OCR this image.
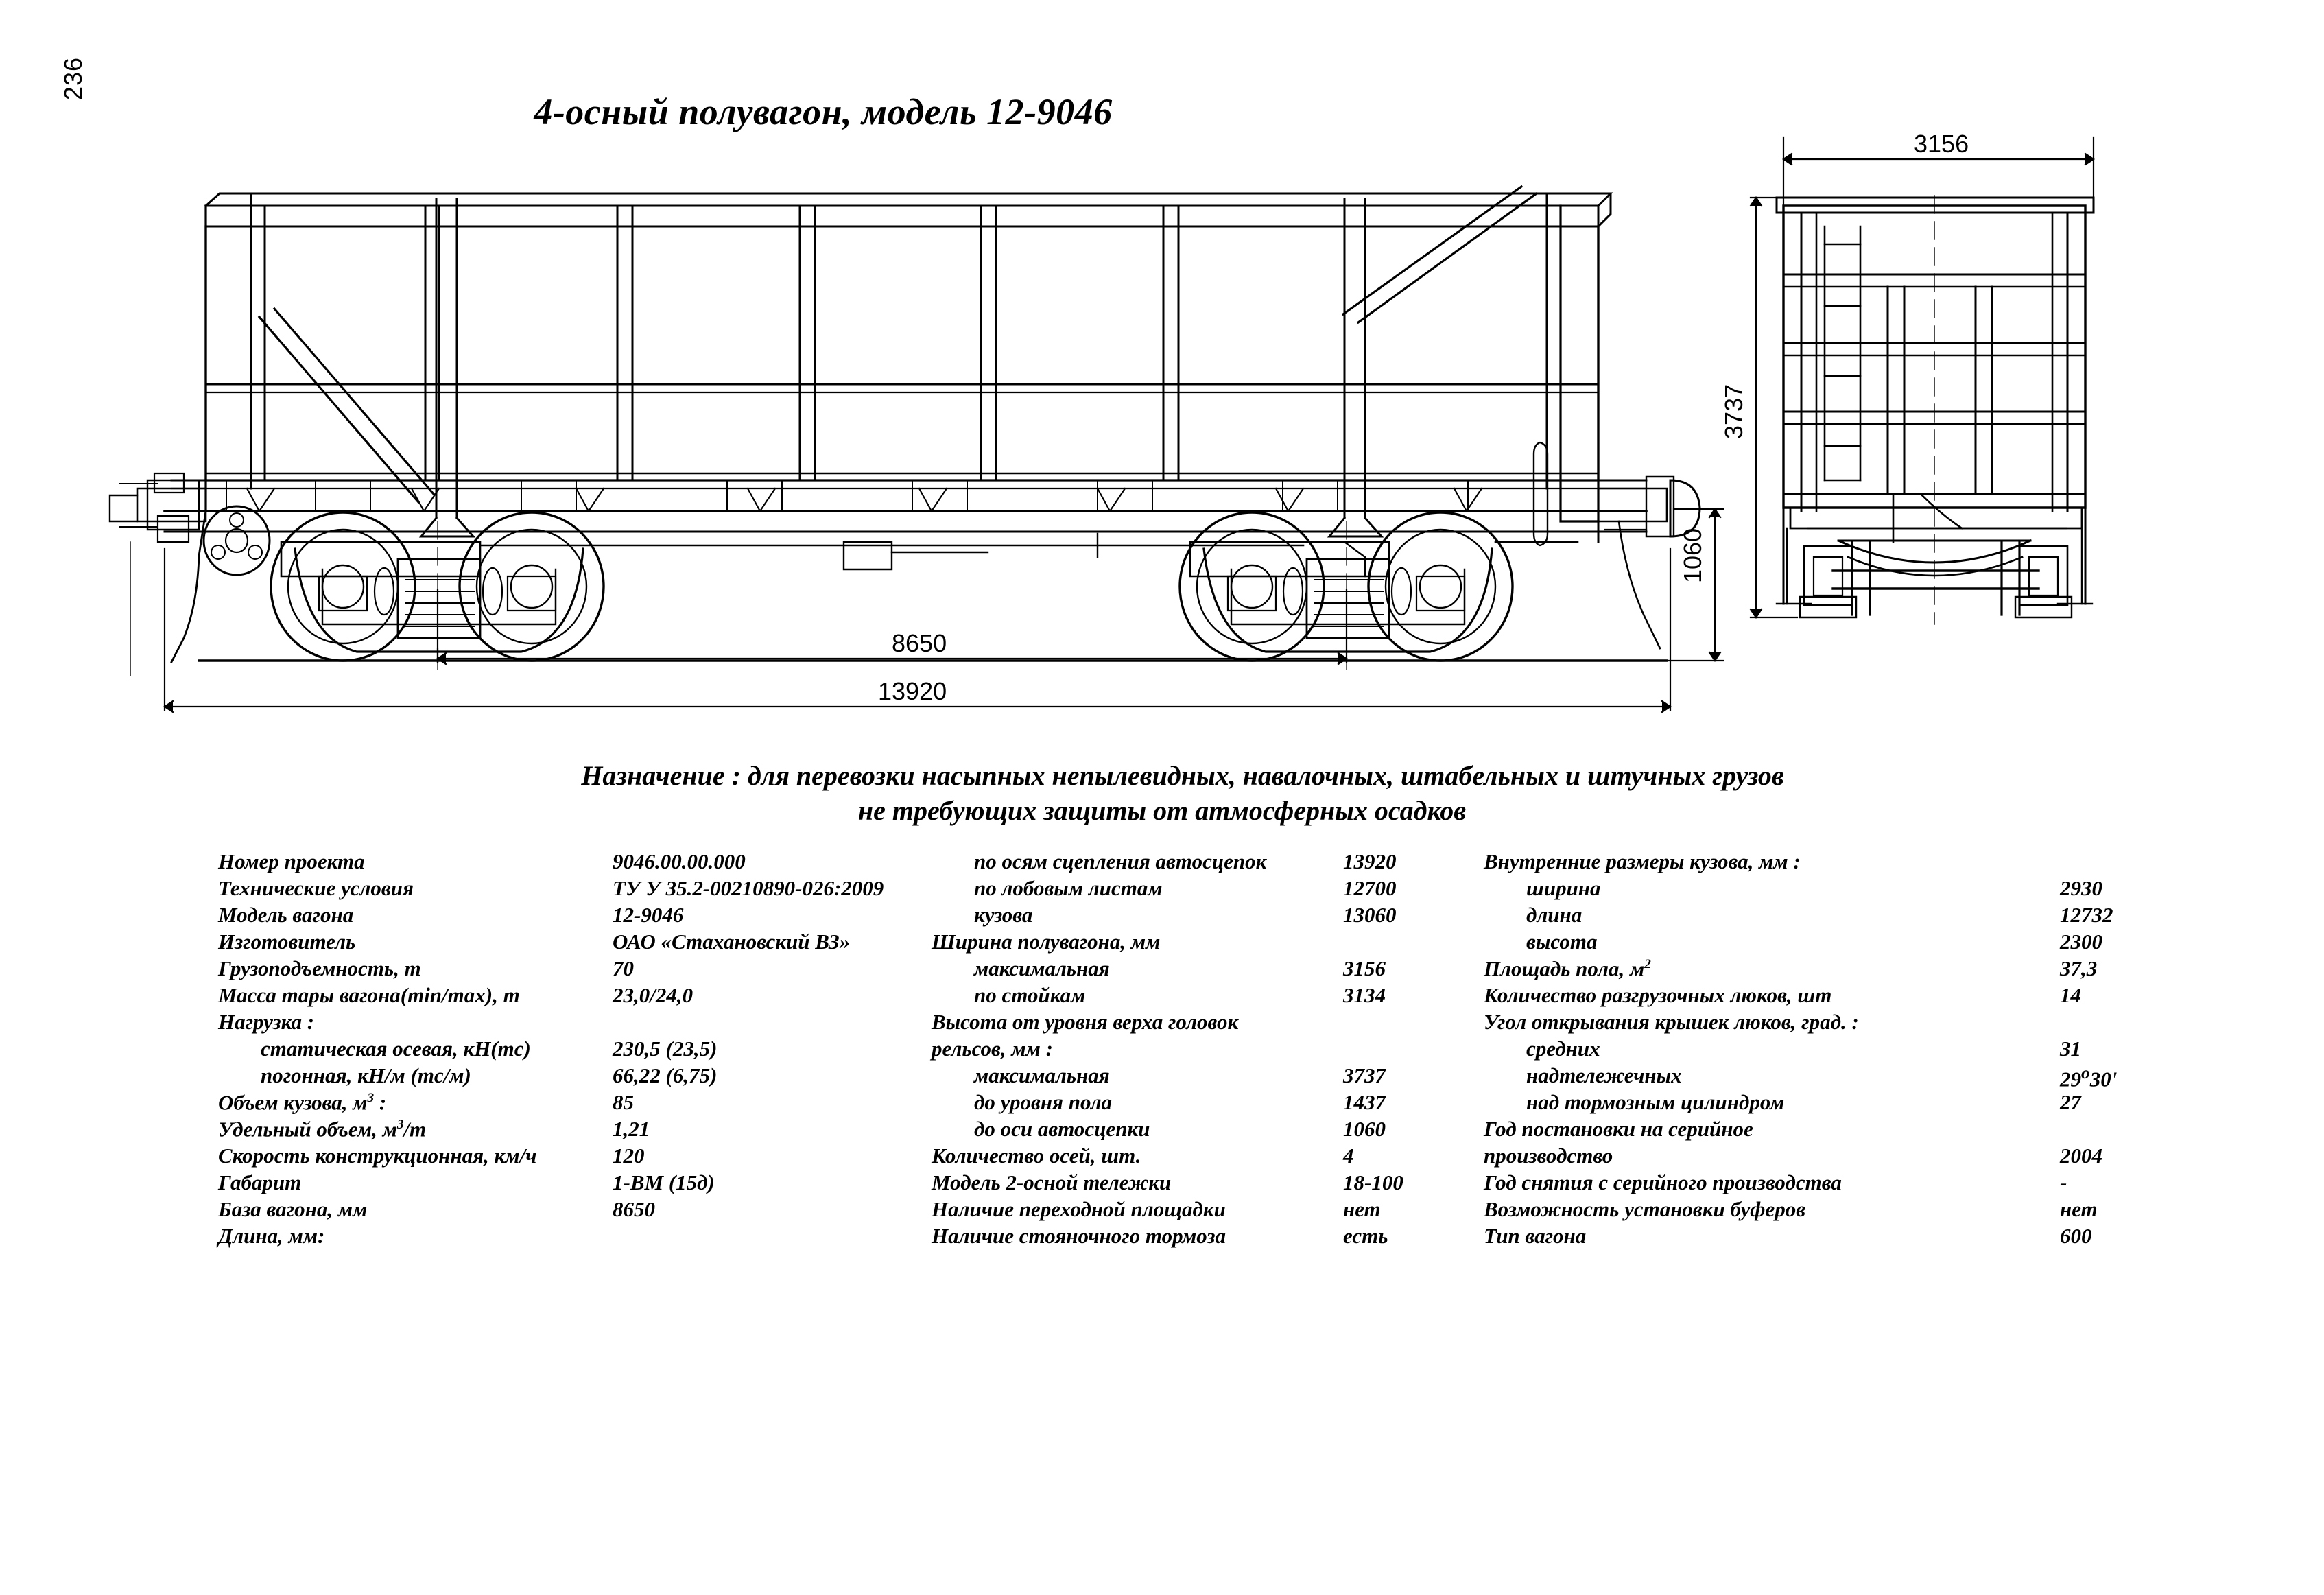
236
4-осный полувагон, модель 12-9046
8650
13920
1060
3156
3737
Назначение : для перевозки насыпных непылевидных, навалочных, штабельных и штучных грузов
не требующих защиты от атмосферных осадков
Номер проекта	9046.00.00.000
Технические условия	ТУ У 35.2-00210890-026:2009
Модель вагона	12-9046
Изготовитель	ОАО «Стахановский ВЗ»
Грузоподъемность, т	70
Масса тары вагона(min/max), т	23,0/24,0
Нагрузка :
статическая осевая, кН(тс)	230,5 (23,5)
погонная, кН/м (тс/м)	66,22 (6,75)
Объем кузова, $м^3$ :	85
Удельный объем, $м^3/т$	1,21
Скорость конструкционная, км/ч	120
Габарит	1-ВМ (15д)
База вагона, мм	8650
Длина, мм:
по осям сцепления автосцепок	13920
по лобовым листам	12700
кузова	13060
Ширина полувагона, мм
максимальная	3156
по стойкам	3134
Высота от уровня верха головок
рельсов, мм :
максимальная	3737
до уровня пола	1437
до оси автосцепки	1060
Количество осей, шт.	4
Модель 2-осной тележки	18-100
Наличие переходной площадки	нет
Наличие стояночного тормоза	есть
Внутренние размеры кузова, мм :
ширина	2930
длина	12732
высота	2300
Площадь пола, $м^2$	37,3
Количество разгрузочных люков, шт	14
Угол открывания крышек люков, град. :
средних	31
надтележечных	29$^o$30'
над тормозным цилиндром	27
Год постановки на серийное
производство	2004
Год снятия с серийного производства	-
Возможность установки буферов	нет
Тип вагона	600
